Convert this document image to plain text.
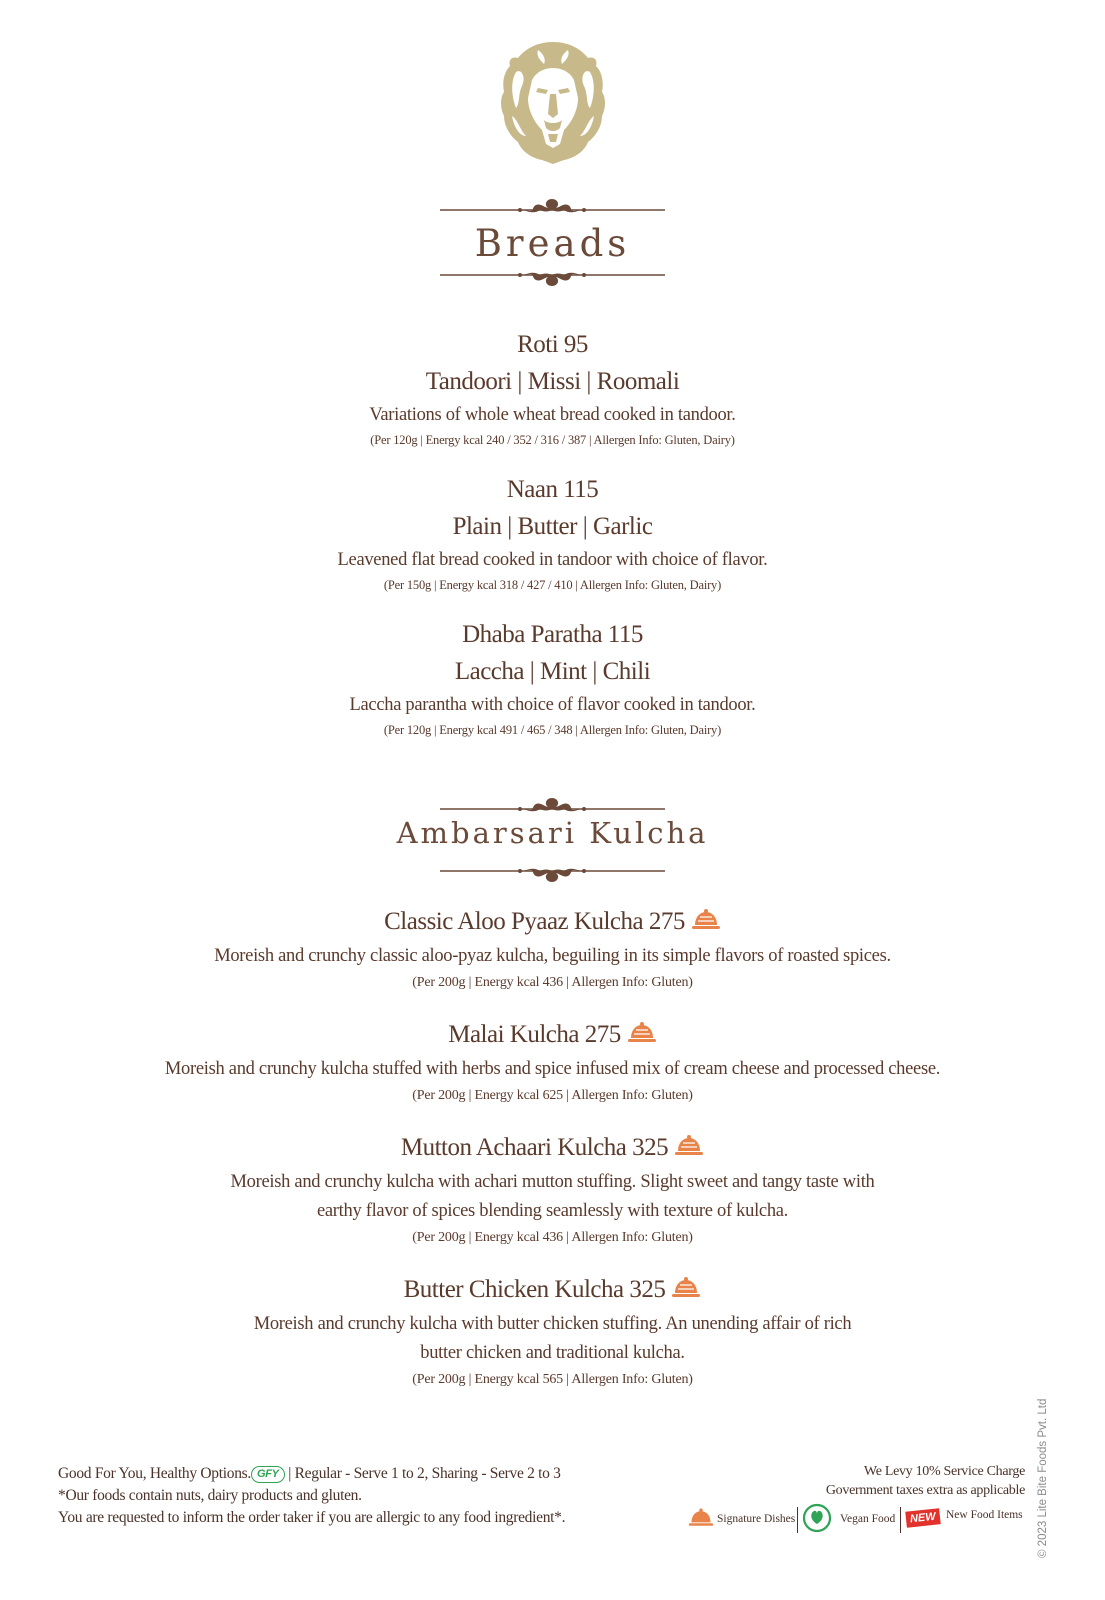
Breads
Roti 95
Tandoori | Missi | Roomali
Variations of whole wheat bread cooked in tandoor.
(Per 120g | Energy kcal 240 / 352 / 316 / 387 | Allergen Info: Gluten, Dairy)
Naan 115
Plain | Butter | Garlic
Leavened flat bread cooked in tandoor with choice of flavor.
(Per 150g | Energy kcal 318 / 427 / 410 | Allergen Info: Gluten, Dairy)
Dhaba Paratha 115
Laccha | Mint | Chili
Laccha parantha with choice of flavor cooked in tandoor.
(Per 120g | Energy kcal 491 / 465 / 348 | Allergen Info: Gluten, Dairy)
Ambarsari Kulcha
Classic Aloo Pyaaz Kulcha 275
Moreish and crunchy classic aloo-pyaz kulcha, beguiling in its simple flavors of roasted spices.
(Per 200g | Energy kcal 436 | Allergen Info: Gluten)
Malai Kulcha 275
Moreish and crunchy kulcha stuffed with herbs and spice infused mix of cream cheese and processed cheese.
(Per 200g | Energy kcal 625 | Allergen Info: Gluten)
Mutton Achaari Kulcha 325
Moreish and crunchy kulcha with achari mutton stuffing. Slight sweet and tangy taste with
earthy flavor of spices blending seamlessly with texture of kulcha.
(Per 200g | Energy kcal 436 | Allergen Info: Gluten)
Butter Chicken Kulcha 325
Moreish and crunchy kulcha with butter chicken stuffing. An unending affair of rich
butter chicken and traditional kulcha.
(Per 200g | Energy kcal 565 | Allergen Info: Gluten)
Good For You, Healthy Options. GFY | Regular - Serve 1 to 2, Sharing - Serve 2 to 3
*Our foods contain nuts, dairy products and gluten.
You are requested to inform the order taker if you are allergic to any food ingredient*.
We Levy 10% Service Charge
Government taxes extra as applicable
Signature Dishes	Vegan Food	NEW New Food Items © 2023 Lite Bite Foods Pvt. Ltd
